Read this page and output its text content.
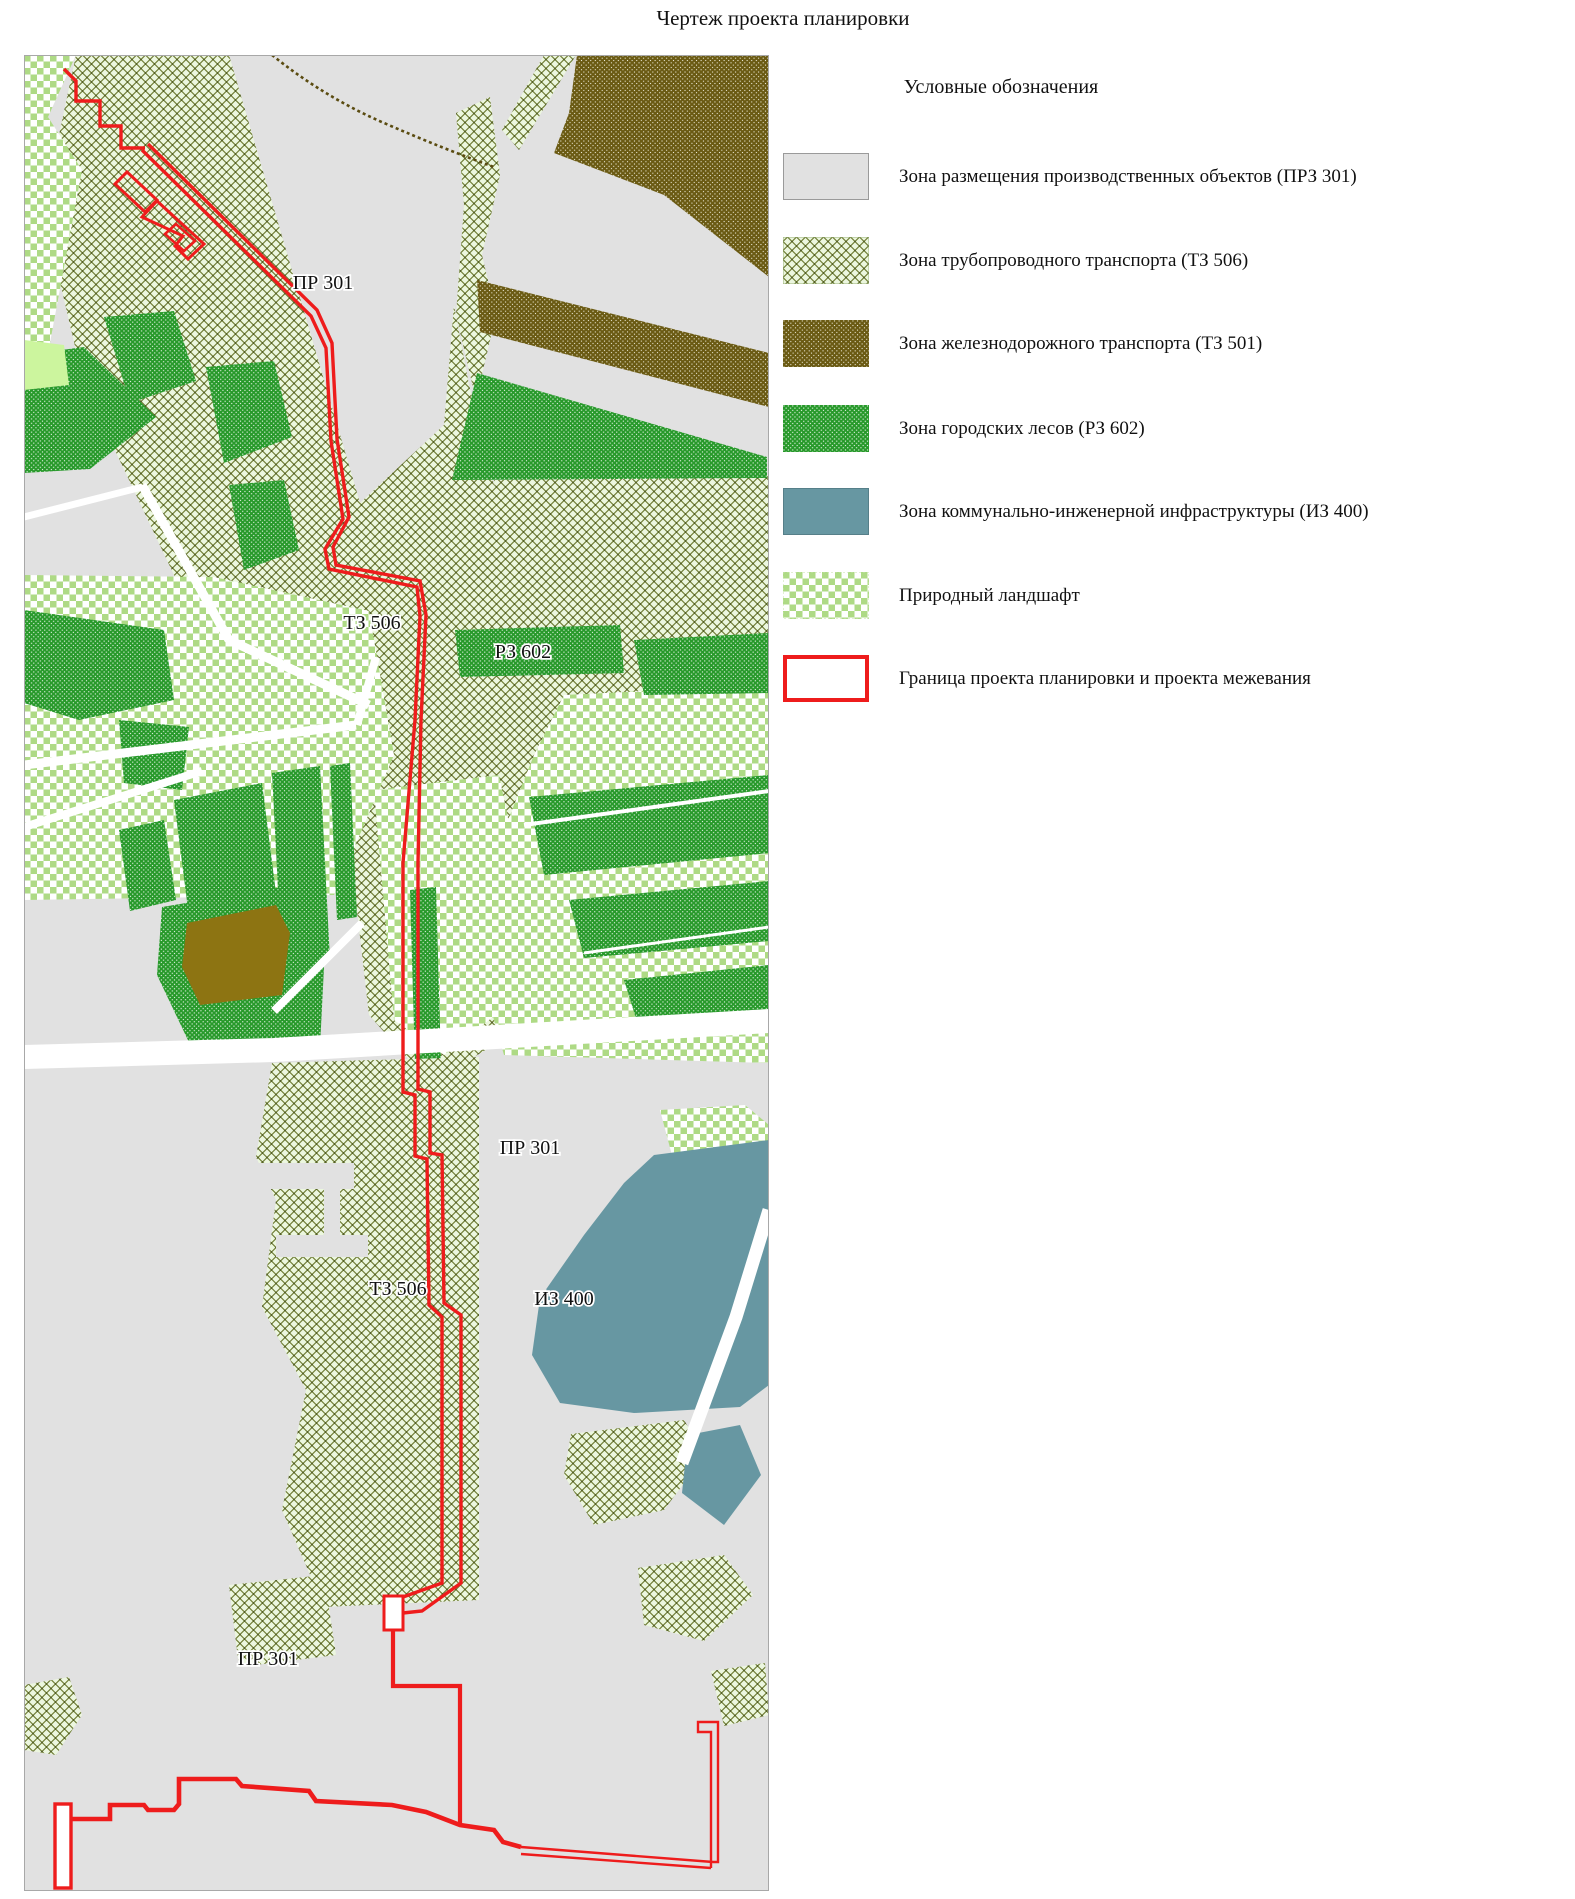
Чертеж проекта планировки
ПР 301
ТЗ 506
РЗ 602
ПР 301
ТЗ 506	ИЗ 400
ПР 301
Условные обозначения
Зона размещения производственных объектов (ПРЗ 301)
Зона трубопроводного транспорта (ТЗ 506)
Зона железнодорожного транспорта (ТЗ 501)
Зона городских лесов (РЗ 602)
Зона коммунально-инженерной инфраструктуры (ИЗ 400)
Природный ландшафт
Граница проекта планировки и проекта межевания
